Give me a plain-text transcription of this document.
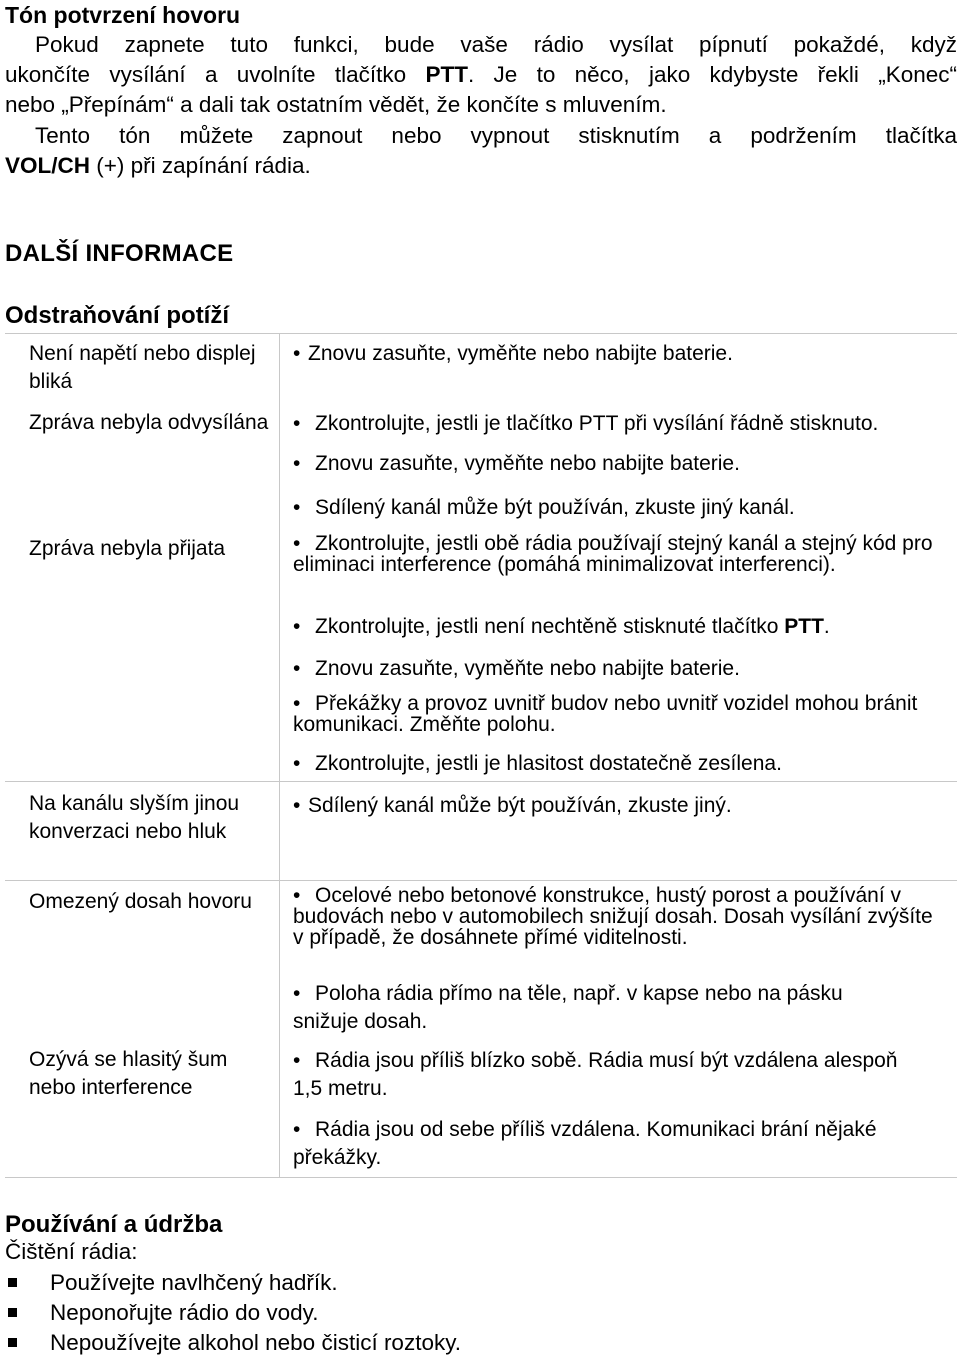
Tón potvrzení hovoru
Pokud zapnete tuto funkci, bude vaše rádio vysílat pípnutí pokaždé, když
ukončíte vysílání a uvolníte tlačítko PTT. Je to něco, jako kdybyste řekli „Konec“
nebo „Přepínám“ a dali tak ostatním vědět, že končíte s mluvením.
Tento tón můžete zapnout nebo vypnout stisknutím a podržením tlačítka
VOL/CH (+) při zapínání rádia.
DALŠÍ INFORMACE
Odstraňování potíží
Není napětí nebo displej bliká
Zpráva nebyla odvysílána
Zpráva nebyla přijata
Na kanálu slyším jinou konverzaci nebo hluk
Omezený dosah hovoru
Ozývá se hlasitý šum nebo interference
• Znovu zasuňte, vyměňte nebo nabijte baterie.
• Zkontrolujte, jestli je tlačítko PTT při vysílání řádně stisknuto.
• Znovu zasuňte, vyměňte nebo nabijte baterie.
• Sdílený kanál může být používán, zkuste jiný kanál.
• Zkontrolujte, jestli obě rádia používají stejný kanál a stejný kód pro eliminaci interference (pomáhá minimalizovat interferenci).
• Zkontrolujte, jestli není nechtěně stisknuté tlačítko PTT.
• Znovu zasuňte, vyměňte nebo nabijte baterie.
• Překážky a provoz uvnitř budov nebo uvnitř vozidel mohou bránit komunikaci. Změňte polohu.
• Zkontrolujte, jestli je hlasitost dostatečně zesílena.
• Sdílený kanál může být používán, zkuste jiný.
• Ocelové nebo betonové konstrukce, hustý porost a používání v budovách nebo v automobilech snižují dosah. Dosah vysílání zvýšíte v případě, že dosáhnete přímé viditelnosti.
• Poloha rádia přímo na těle, např. v kapse nebo na pásku snižuje dosah.
• Rádia jsou příliš blízko sobě. Rádia musí být vzdálena alespoň 1,5 metru.
• Rádia jsou od sebe příliš vzdálena. Komunikaci brání nějaké překážky.
Používání a údržba
Čištění rádia:
Používejte navlhčený hadřík.
Neponořujte rádio do vody.
Nepoužívejte alkohol nebo čisticí roztoky.
